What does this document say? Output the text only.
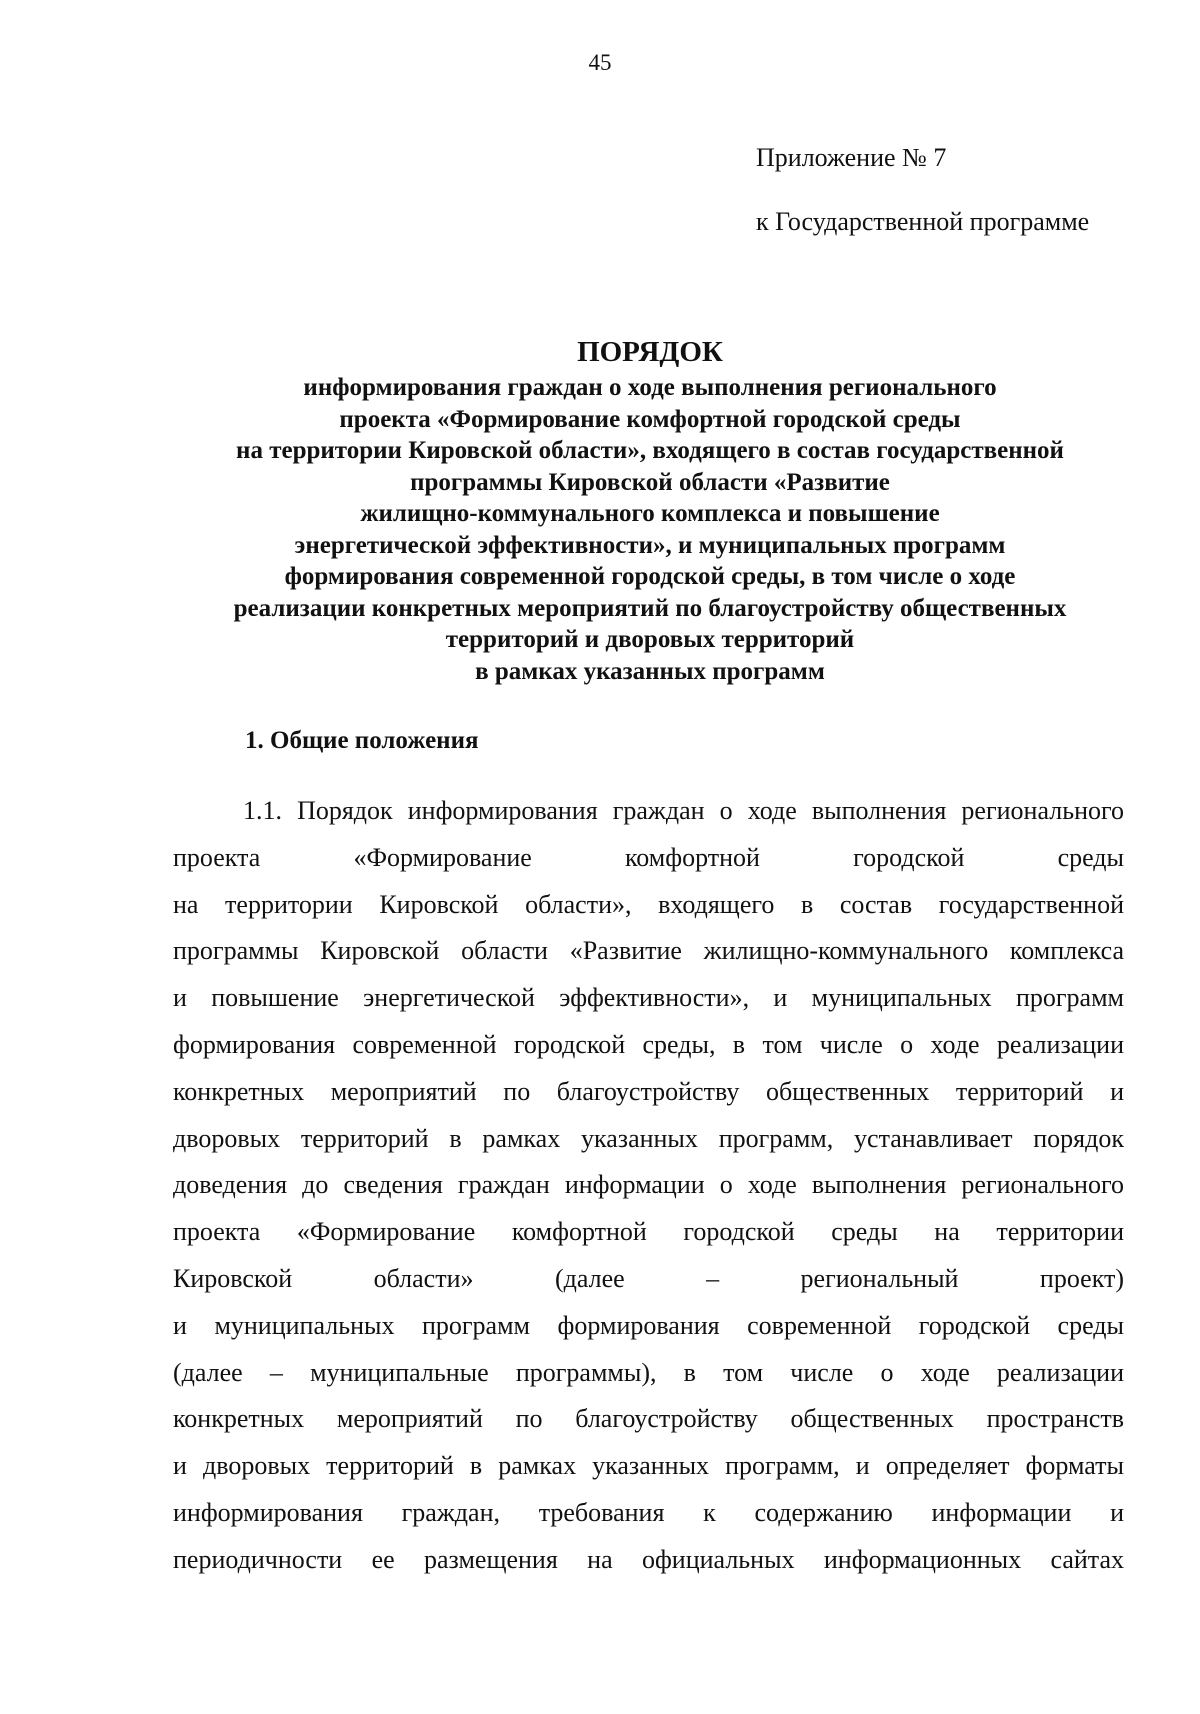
45
Приложение № 7
к Государственной программе
ПОРЯДОК
информирования граждан о ходе выполнения регионального
проекта «Формирование комфортной городской среды
на территории Кировской области», входящего в состав государственной
программы Кировской области «Развитие
жилищно-коммунального комплекса и повышение
энергетической эффективности», и муниципальных программ
формирования современной городской среды, в том числе о ходе
реализации конкретных мероприятий по благоустройству общественных
территорий и дворовых территорий
в рамках указанных программ
1. Общие положения
1.1. Порядок информирования граждан о ходе выполнения регионального
проекта «Формирование комфортной городской среды
на территории Кировской области», входящего в состав государственной
программы Кировской области «Развитие жилищно-коммунального комплекса
и повышение энергетической эффективности», и муниципальных программ
формирования современной городской среды, в том числе о ходе реализации
конкретных мероприятий по благоустройству общественных территорий и
дворовых территорий в рамках указанных программ, устанавливает порядок
доведения до сведения граждан информации о ходе выполнения регионального
проекта «Формирование комфортной городской среды на территории
Кировской области» (далее – региональный проект)
и муниципальных программ формирования современной городской среды
(далее – муниципальные программы), в том числе о ходе реализации
конкретных мероприятий по благоустройству общественных пространств
и дворовых территорий в рамках указанных программ, и определяет форматы
информирования граждан, требования к содержанию информации и
периодичности ее размещения на официальных информационных сайтах
